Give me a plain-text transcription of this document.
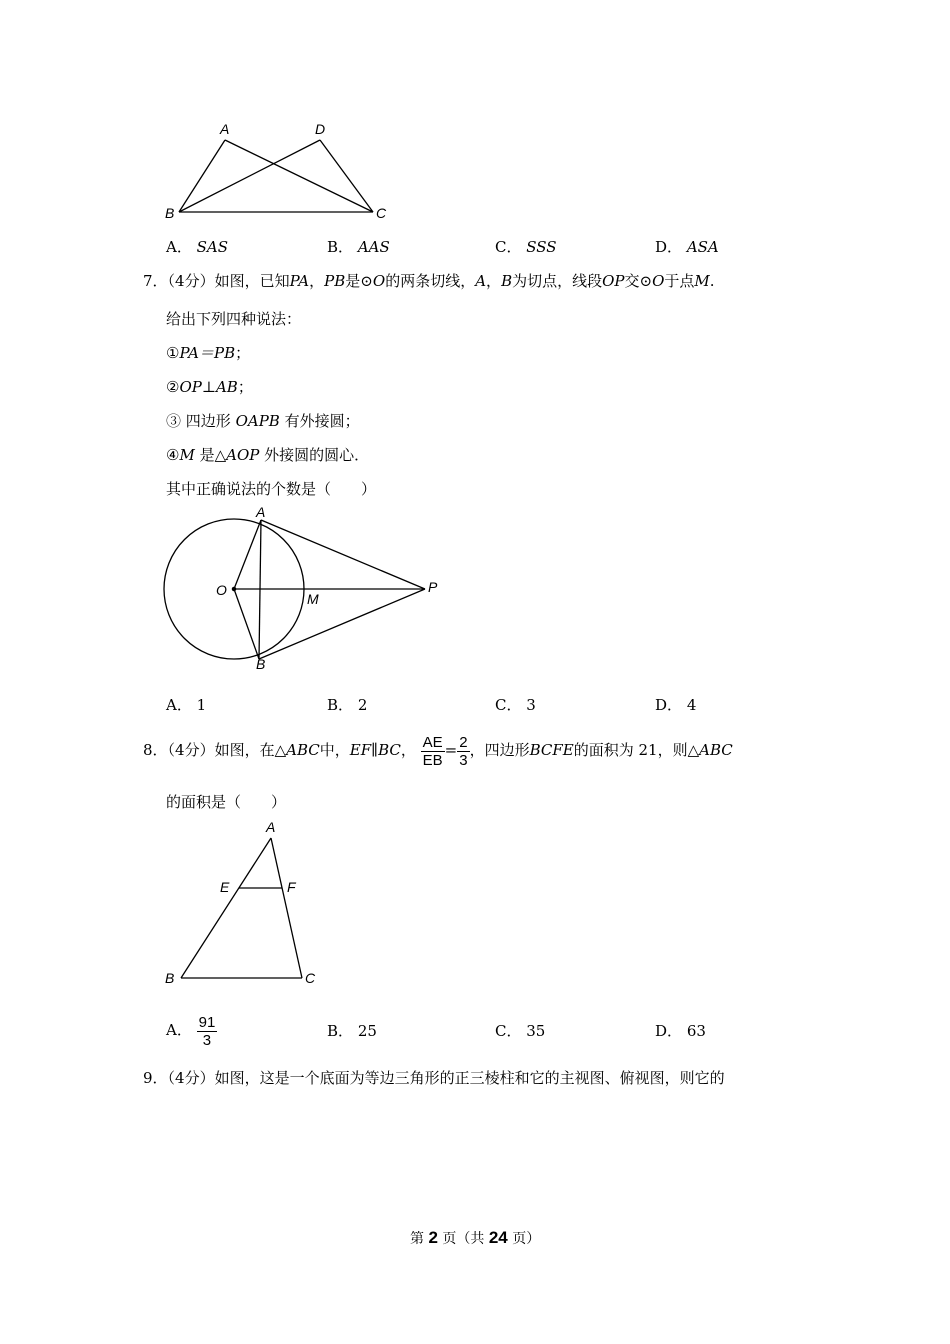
A	D
B	C
A． SAS	B． AAS	C． SSS	D． ASA
7．（4分）如图，已知PA，PB是⊙O的两条切线，A，B为切点，线段OP交⊙O于点M.
给出下列四种说法：
①PA＝PB；
②OP⊥AB；
③ 四边形 OAPB 有外接圆；
④M 是△AOP 外接圆的圆心．
其中正确说法的个数是（　　）
A
O
M
P
B
A． 1	B． 2	C． 3	D． 4
8．（4分）如图，在△ABC中，EF∥BC， $\frac{AE}{EB} = \frac{2}{3}$ ，四边形BCFE的面积为 21，则△ABC
的面积是（　　）
A
E	F
B	C
A． $\frac{91}{3}$	B． 25	C． 35	D． 63
9．（4分）如图，这是一个底面为等边三角形的正三棱柱和它的主视图、俯视图，则它的
第 2 页（共 24 页）
